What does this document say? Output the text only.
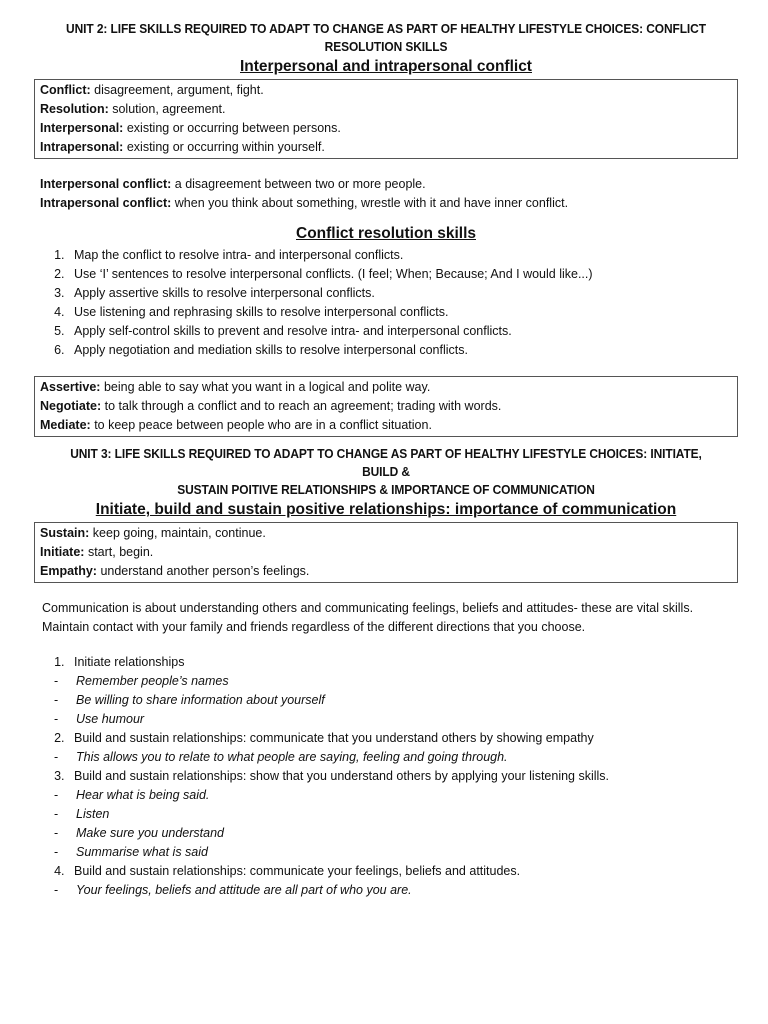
UNIT 2: LIFE SKILLS REQUIRED TO ADAPT TO CHANGE AS PART OF HEALTHY LIFESTYLE CHOICES: CONFLICT
RESOLUTION SKILLS
Interpersonal and intrapersonal conflict
Conflict: disagreement, argument, fight.
Resolution: solution, agreement.
Interpersonal: existing or occurring between persons.
Intrapersonal: existing or occurring within yourself.
Interpersonal conflict: a disagreement between two or more people.
Intrapersonal conflict: when you think about something, wrestle with it and have inner conflict.
Conflict resolution skills
1. Map the conflict to resolve intra- and interpersonal conflicts.
2. Use ‘I’ sentences to resolve interpersonal conflicts. (I feel; When; Because; And I would like...)
3. Apply assertive skills to resolve interpersonal conflicts.
4. Use listening and rephrasing skills to resolve interpersonal conflicts.
5. Apply self-control skills to prevent and resolve intra- and interpersonal conflicts.
6. Apply negotiation and mediation skills to resolve interpersonal conflicts.
Assertive: being able to say what you want in a logical and polite way.
Negotiate: to talk through a conflict and to reach an agreement; trading with words.
Mediate: to keep peace between people who are in a conflict situation.
UNIT 3: LIFE SKILLS REQUIRED TO ADAPT TO CHANGE AS PART OF HEALTHY LIFESTYLE CHOICES: INITIATE, BUILD &
SUSTAIN POITIVE RELATIONSHIPS & IMPORTANCE OF COMMUNICATION
Initiate, build and sustain positive relationships: importance of communication
Sustain: keep going, maintain, continue.
Initiate: start, begin.
Empathy: understand another person’s feelings.
Communication is about understanding others and communicating feelings, beliefs and attitudes- these are vital skills. Maintain contact with your family and friends regardless of the different directions that you choose.
1. Initiate relationships
- Remember people’s names
- Be willing to share information about yourself
- Use humour
2. Build and sustain relationships: communicate that you understand others by showing empathy
- This allows you to relate to what people are saying, feeling and going through.
3. Build and sustain relationships: show that you understand others by applying your listening skills.
- Hear what is being said.
- Listen
- Make sure you understand
- Summarise what is said
4. Build and sustain relationships: communicate your feelings, beliefs and attitudes.
- Your feelings, beliefs and attitude are all part of who you are.
